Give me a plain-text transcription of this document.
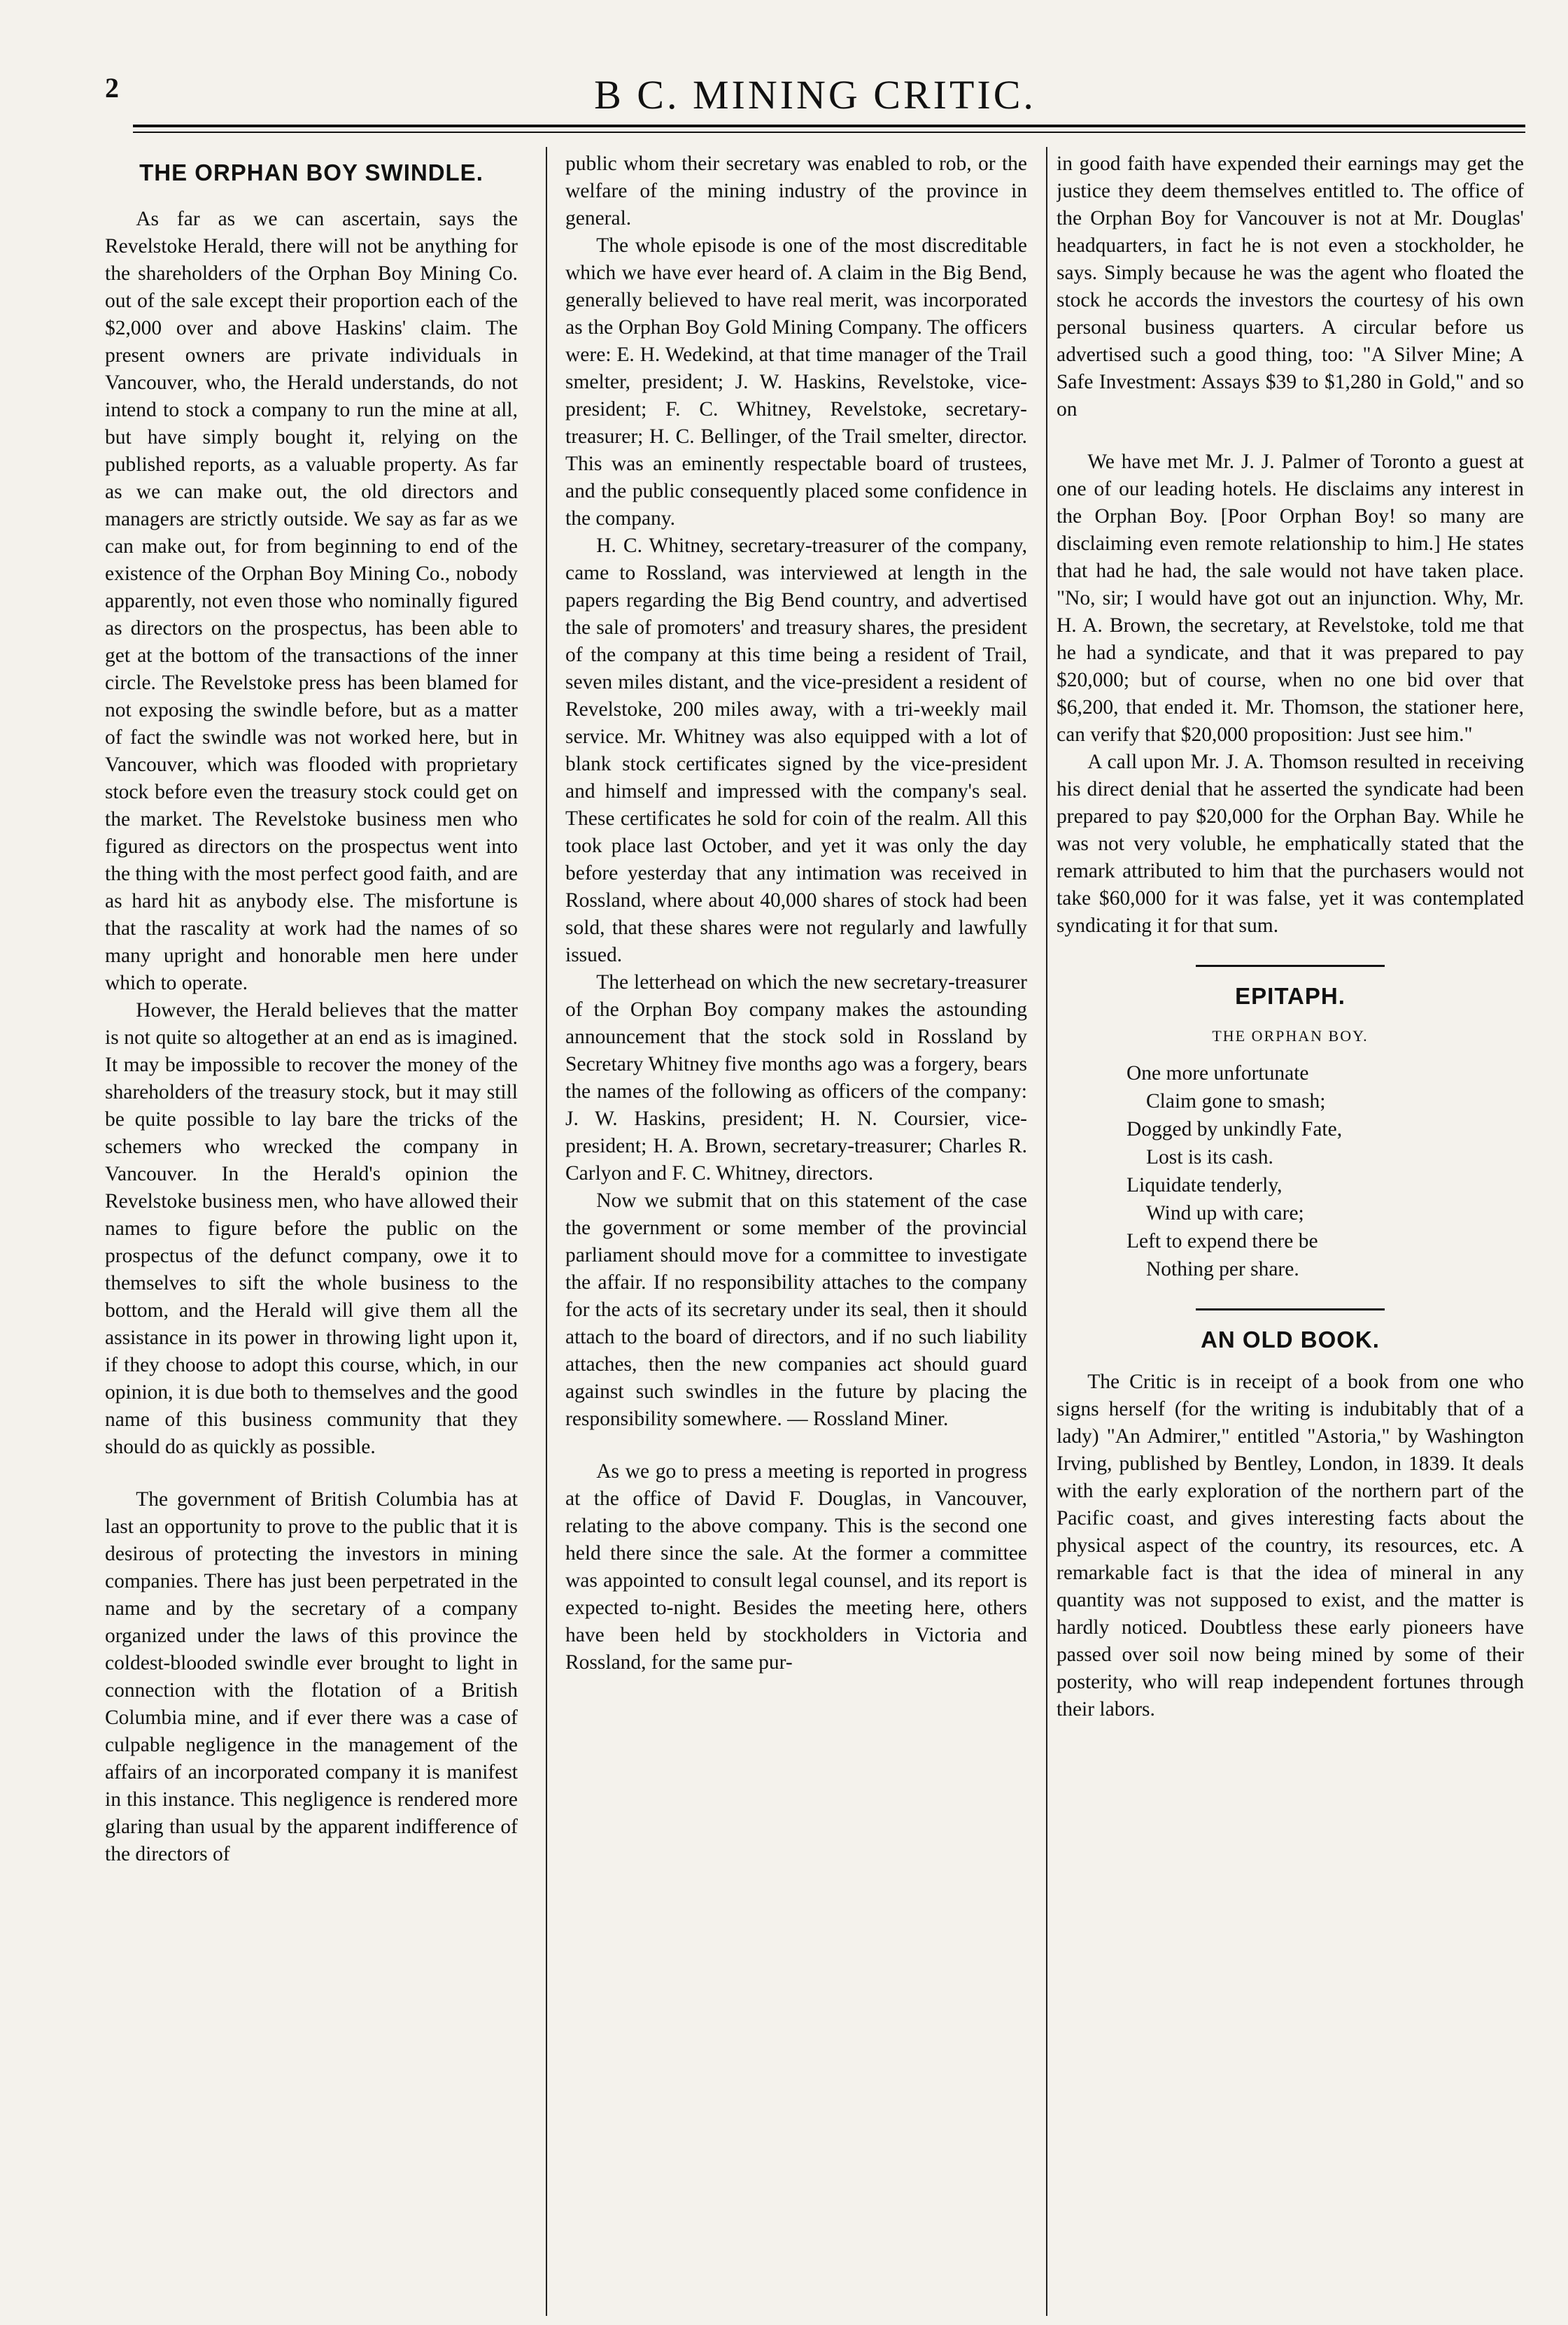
2	B C. MINING CRITIC.
THE ORPHAN BOY SWINDLE.

As far as we can ascertain, says the Revelstoke Herald, there will not be anything for the shareholders of the Orphan Boy Mining Co. out of the sale except their proportion each of the $2,000 over and above Haskins' claim. The present owners are private individuals in Vancouver, who, the Herald understands, do not intend to stock a company to run the mine at all, but have simply bought it, relying on the published reports, as a valuable property. As far as we can make out, the old directors and managers are strictly outside. We say as far as we can make out, for from beginning to end of the existence of the Orphan Boy Mining Co., nobody apparently, not even those who nominally figured as directors on the prospectus, has been able to get at the bottom of the transactions of the inner circle. The Revelstoke press has been blamed for not exposing the swindle before, but as a matter of fact the swindle was not worked here, but in Vancouver, which was flooded with proprietary stock before even the treasury stock could get on the market. The Revelstoke business men who figured as directors on the prospectus went into the thing with the most perfect good faith, and are as hard hit as anybody else. The misfortune is that the rascality at work had the names of so many upright and honorable men here under which to operate.

However, the Herald believes that the matter is not quite so altogether at an end as is imagined. It may be impossible to recover the money of the shareholders of the treasury stock, but it may still be quite possible to lay bare the tricks of the schemers who wrecked the company in Vancouver. In the Herald's opinion the Revelstoke business men, who have allowed their names to figure before the public on the prospectus of the defunct company, owe it to themselves to sift the whole business to the bottom, and the Herald will give them all the assistance in its power in throwing light upon it, if they choose to adopt this course, which, in our opinion, it is due both to themselves and the good name of this business community that they should do as quickly as possible.

The government of British Columbia has at last an opportunity to prove to the public that it is desirous of protecting the investors in mining companies. There has just been perpetrated in the name and by the secretary of a company organized under the laws of this province the coldest-blooded swindle ever brought to light in connection with the flotation of a British Columbia mine, and if ever there was a case of culpable negligence in the management of the affairs of an incorporated company it is manifest in this instance. This negligence is rendered more glaring than usual by the apparent indifference of the directors of

public whom their secretary was enabled to rob, or the welfare of the mining industry of the province in general.

The whole episode is one of the most discreditable which we have ever heard of. A claim in the Big Bend, generally believed to have real merit, was incorporated as the Orphan Boy Gold Mining Company. The officers were: E. H. Wedekind, at that time manager of the Trail smelter, president; J. W. Haskins, Revelstoke, vice-president; F. C. Whitney, Revelstoke, secretary-treasurer; H. C. Bellinger, of the Trail smelter, director. This was an eminently respectable board of trustees, and the public consequently placed some confidence in the company.

H. C. Whitney, secretary-treasurer of the company, came to Rossland, was interviewed at length in the papers regarding the Big Bend country, and advertised the sale of promoters' and treasury shares, the president of the company at this time being a resident of Trail, seven miles distant, and the vice-president a resident of Revelstoke, 200 miles away, with a tri-weekly mail service. Mr. Whitney was also equipped with a lot of blank stock certificates signed by the vice-president and himself and impressed with the company's seal. These certificates he sold for coin of the realm. All this took place last October, and yet it was only the day before yesterday that any intimation was received in Rossland, where about 40,000 shares of stock had been sold, that these shares were not regularly and lawfully issued.

The letterhead on which the new secretary-treasurer of the Orphan Boy company makes the astounding announcement that the stock sold in Rossland by Secretary Whitney five months ago was a forgery, bears the names of the following as officers of the company: J. W. Haskins, president; H. N. Coursier, vice-president; H. A. Brown, secretary-treasurer; Charles R. Carlyon and F. C. Whitney, directors.

Now we submit that on this statement of the case the government or some member of the provincial parliament should move for a committee to investigate the affair. If no responsibility attaches to the company for the acts of its secretary under its seal, then it should attach to the board of directors, and if no such liability attaches, then the new companies act should guard against such swindles in the future by placing the responsibility somewhere. — Rossland Miner.

As we go to press a meeting is reported in progress at the office of David F. Douglas, in Vancouver, relating to the above company. This is the second one held there since the sale. At the former a committee was appointed to consult legal counsel, and its report is expected to-night. Besides the meeting here, others have been held by stockholders in Victoria and Rossland, for the same pur-

in good faith have expended their earnings may get the justice they deem themselves entitled to. The office of the Orphan Boy for Vancouver is not at Mr. Douglas' headquarters, in fact he is not even a stockholder, he says. Simply because he was the agent who floated the stock he accords the investors the courtesy of his own personal business quarters. A circular before us advertised such a good thing, too: "A Silver Mine; A Safe Investment: Assays $39 to $1,280 in Gold," and so on

We have met Mr. J. J. Palmer of Toronto a guest at one of our leading hotels. He disclaims any interest in the Orphan Boy. [Poor Orphan Boy! so many are disclaiming even remote relationship to him.] He states that had he had, the sale would not have taken place. "No, sir; I would have got out an injunction. Why, Mr. H. A. Brown, the secretary, at Revelstoke, told me that he had a syndicate, and that it was prepared to pay $20,000; but of course, when no one bid over that $6,200, that ended it. Mr. Thomson, the stationer here, can verify that $20,000 proposition: Just see him."

A call upon Mr. J. A. Thomson resulted in receiving his direct denial that he asserted the syndicate had been prepared to pay $20,000 for the Orphan Bay. While he was not very voluble, he emphatically stated that the remark attributed to him that the purchasers would not take $60,000 for it was false, yet it was contemplated syndicating it for that sum.

EPITAPH.
THE ORPHAN BOY.
One more unfortunate
Claim gone to smash;
Dogged by unkindly Fate,
Lost is its cash.
Liquidate tenderly,
Wind up with care;
Left to expend there be
Nothing per share.
AN OLD BOOK.

The Critic is in receipt of a book from one who signs herself (for the writing is indubitably that of a lady) "An Admirer," entitled "Astoria," by Washington Irving, published by Bentley, London, in 1839. It deals with the early exploration of the northern part of the Pacific coast, and gives interesting facts about the physical aspect of the country, its resources, etc. A remarkable fact is that the idea of mineral in any quantity was not supposed to exist, and the matter is hardly noticed. Doubtless these early pioneers have passed over soil now being mined by some of their posterity, who will reap independent fortunes through their labors.
